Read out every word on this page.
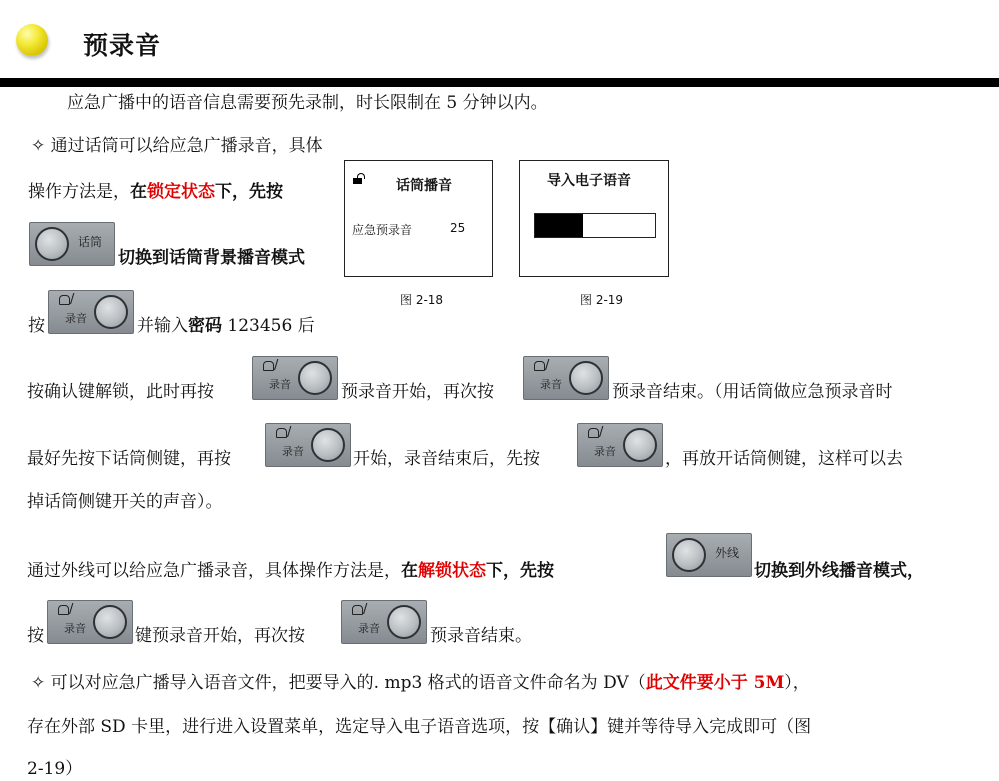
预录音
应急广播中的语音信息需要预先录制，时长限制在 5 分钟以内。
✧ 通过话筒可以给应急广播录音，具体
操作方法是，在锁定状态下，先按
话筒
切换到话筒背景播音模式
话筒播音
应急预录音	25
图 2-18
导入电子语音
图 2-19
按
/
录音	并输入密码 123456 后
按确认键解锁，此时再按
/
录音	预录音开始，再次按
/
录音	预录音结束。（用话筒做应急预录音时
最好先按下话筒侧键，再按
/
录音	开始，录音结束后，先按
/
录音	，再放开话筒侧键，这样可以去
掉话筒侧键开关的声音）。
通过外线可以给应急广播录音，具体操作方法是，在解锁状态下，先按
外线
切换到外线播音模式，
按
/
录音	键预录音开始，再次按
/
录音	预录音结束。
✧ 可以对应急广播导入语音文件，把要导入的. mp3 格式的语音文件命名为 DV（此文件要小于 5M），
存在外部 SD 卡里，进行进入设置菜单，选定导入电子语音选项，按【确认】键并等待导入完成即可（图
2-19）
